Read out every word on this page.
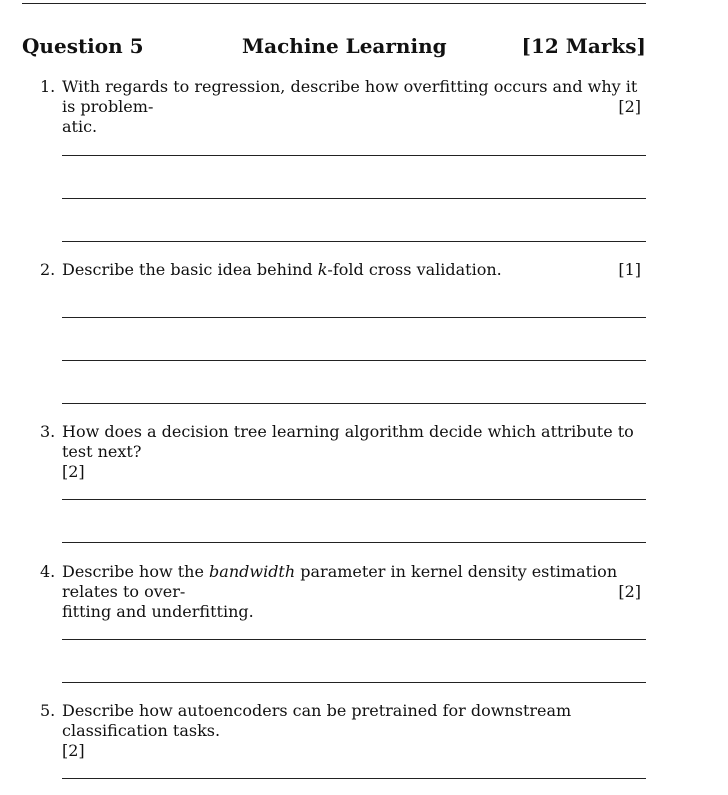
Question 5	Machine Learning	[12 Marks]
1. With regards to regression, describe how overfitting occurs and why it is problem-
atic.
[2]
2. Describe the basic idea behind k-fold cross validation.	[1]
3. How does a decision tree learning algorithm decide which attribute to test next?
[2]
4. Describe how the bandwidth parameter in kernel density estimation relates to over-
fitting and underfitting.
[2]
5. Describe how autoencoders can be pretrained for downstream classification tasks.
[2]
